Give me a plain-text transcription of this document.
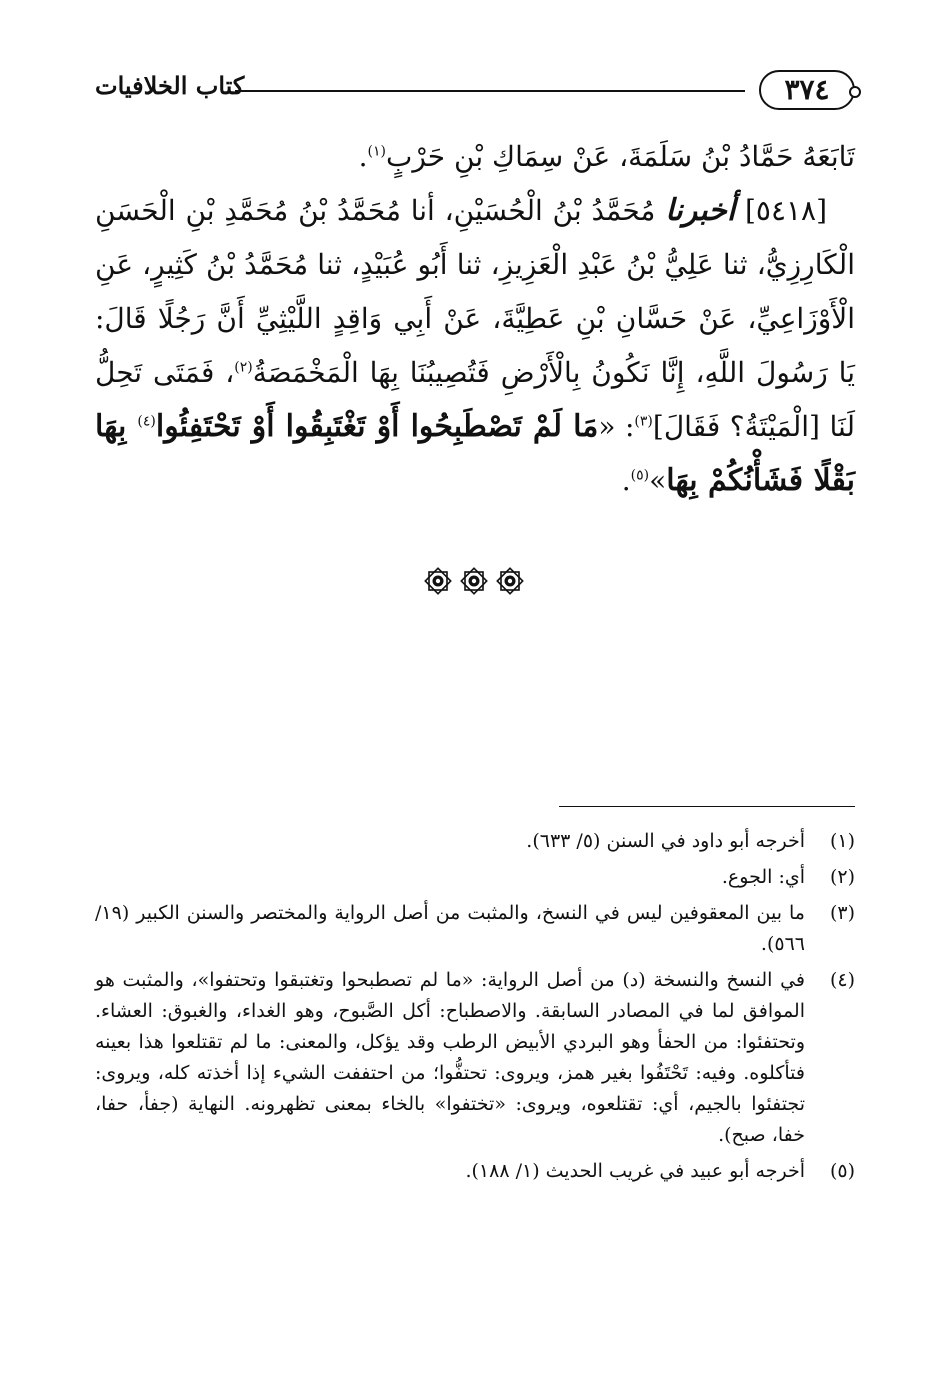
٣٧٤
كتاب الخلافيات

تَابَعَهُ حَمَّادُ بْنُ سَلَمَةَ، عَنْ سِمَاكِ بْنِ حَرْبٍ$^{(١)}$.

[٥٤١٨] أخبرنا مُحَمَّدُ بْنُ الْحُسَيْنِ، أنا مُحَمَّدُ بْنُ مُحَمَّدِ بْنِ الْحَسَنِ الْكَارِزِيُّ، ثنا عَلِيُّ بْنُ عَبْدِ الْعَزِيزِ، ثنا أَبُو عُبَيْدٍ، ثنا مُحَمَّدُ بْنُ كَثِيرٍ، عَنِ الْأَوْزَاعِيِّ، عَنْ حَسَّانِ بْنِ عَطِيَّةَ، عَنْ أَبِي وَاقِدٍ اللَّيْثِيِّ أَنَّ رَجُلًا قَالَ: يَا رَسُولَ اللَّهِ، إِنَّا نَكُونُ بِالْأَرْضِ فَتُصِيبُنَا بِهَا الْمَخْمَصَةُ$^{(٢)}$، فَمَتَى تَحِلُّ لَنَا [الْمَيْتَةُ؟ فَقَالَ]$^{(٣)}$: «مَا لَمْ تَصْطَبِحُوا أَوْ تَغْتَبِقُوا أَوْ تَحْتَفِئُوا$^{(٤)}$ بِهَا بَقْلًا فَشَأْنُكُمْ بِهَا»$^{(٥)}$.

(١)
أخرجه أبو داود في السنن (٥/ ٦٣٣).
(٢)
أي: الجوع.
(٣)
ما بين المعقوفين ليس في النسخ، والمثبت من أصل الرواية والمختصر والسنن الكبير (١٩/ ٥٦٦).
(٤)
في النسخ والنسخة (د) من أصل الرواية: «ما لم تصطبحوا وتغتبقوا وتحتفوا»، والمثبت هو الموافق لما في المصادر السابقة. والاصطباح: أكل الصَّبوح، وهو الغداء، والغبوق: العشاء. وتحتفئوا: من الحفأ وهو البردي الأبيض الرطب وقد يؤكل، والمعنى: ما لم تقتلعوا هذا بعينه فتأكلوه. وفيه: تَحْتَفُوا بغير همز، ويروى: تحتفُّوا؛ من احتففت الشيء إذا أخذته كله، ويروى: تجتفئوا بالجيم، أي: تقتلعوه، ويروى: «تختفوا» بالخاء بمعنى تظهرونه. النهاية (جفأ، حفا، خفا، صبح).
(٥)
أخرجه أبو عبيد في غريب الحديث (١/ ١٨٨).
